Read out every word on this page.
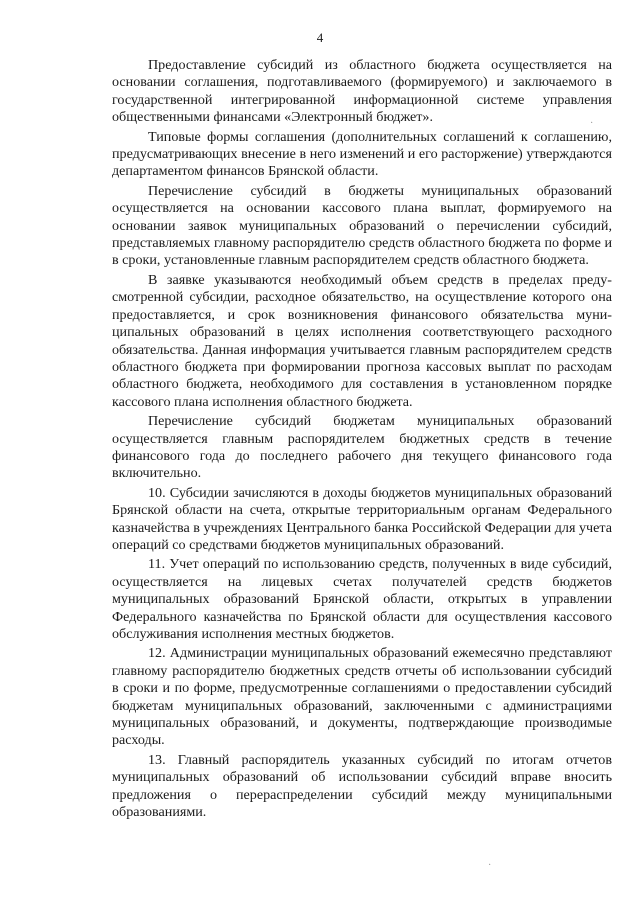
4

Предоставление субсидий из областного бюджета осуществляется на основании соглашения, подготавливаемого (формируемого) и заключаемого в государственной интегрированной информационной системе управления общественными финансами «Электронный бюджет».

Типовые формы соглашения (дополнительных соглашений к соглашению, предусматривающих внесение в него изменений и его расторжение) утверждаются департаментом финансов Брянской области.

Перечисление субсидий в бюджеты муниципальных образований осуществляется на основании кассового плана выплат, формируемого на основании заявок муниципальных образований о перечислении субсидий, представляемых главному распорядителю средств областного бюджета по форме и в сроки, установленные главным распорядителем средств областного бюджета.

В заявке указываются необходимый объем средств в пределах предусмотренной субсидии, расходное обязательство, на осуществление которого она предоставляется, и срок возникновения финансового обязательства муниципальных образований в целях исполнения соответствующего расходного обязательства. Данная информация учитывается главным распорядителем средств областного бюджета при формировании прогноза кассовых выплат по расходам областного бюджета, необходимого для составления в установленном порядке кассового плана исполнения областного бюджета.

Перечисление субсидий бюджетам муниципальных образований осуществляется главным распорядителем бюджетных средств в течение финансового года до последнего рабочего дня текущего финансового года включительно.

10. Субсидии зачисляются в доходы бюджетов муниципальных образований Брянской области на счета, открытые территориальным органам Федерального казначейства в учреждениях Центрального банка Российской Федерации для учета операций со средствами бюджетов муниципальных образований.

11. Учет операций по использованию средств, полученных в виде субсидий, осуществляется на лицевых счетах получателей средств бюджетов муниципальных образований Брянской области, открытых в управлении Федерального казначейства по Брянской области для осуществления кассового обслуживания исполнения местных бюджетов.

12. Администрации муниципальных образований ежемесячно представляют главному распорядителю бюджетных средств отчеты об использовании субсидий в сроки и по форме, предусмотренные соглашениями о предоставлении субсидий бюджетам муниципальных образований, заключенными с администрациями муниципальных образований, и документы, подтверждающие производимые расходы.

13. Главный распорядитель указанных субсидий по итогам отчетов муниципальных образований об использовании субсидий вправе вносить предложения о перераспределении субсидий между муниципальными образованиями.

·
·
